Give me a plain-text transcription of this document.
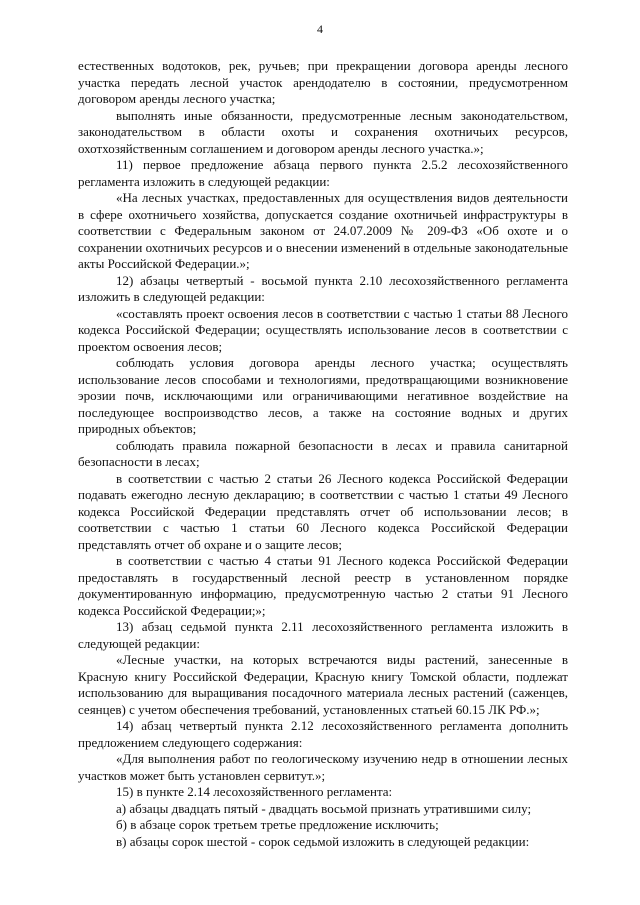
4

естественных водотоков, рек, ручьев; при прекращении договора аренды лесного участка передать лесной участок арендодателю в состоянии, предусмотренном договором аренды лесного участка;

выполнять иные обязанности, предусмотренные лесным законодательством, законодательством в области охоты и сохранения охотничьих ресурсов, охотхозяйственным соглашением и договором аренды лесного участка.»;

11) первое предложение абзаца первого пункта 2.5.2 лесохозяйственного регламента изложить в следующей редакции:

«На лесных участках, предоставленных для осуществления видов деятельности в сфере охотничьего хозяйства, допускается создание охотничьей инфраструктуры в соответствии с Федеральным законом от 24.07.2009 № 209-ФЗ «Об охоте и о сохранении охотничьих ресурсов и о внесении изменений в отдельные законодательные акты Российской Федерации.»;

12) абзацы четвертый - восьмой пункта 2.10 лесохозяйственного регламента изложить в следующей редакции:

«составлять проект освоения лесов в соответствии с частью 1 статьи 88 Лесного кодекса Российской Федерации; осуществлять использование лесов в соответствии с проектом освоения лесов;

соблюдать условия договора аренды лесного участка; осуществлять использование лесов способами и технологиями, предотвращающими возникновение эрозии почв, исключающими или ограничивающими негативное воздействие на последующее воспроизводство лесов, а также на состояние водных и других природных объектов;

соблюдать правила пожарной безопасности в лесах и правила санитарной безопасности в лесах;

в соответствии с частью 2 статьи 26 Лесного кодекса Российской Федерации подавать ежегодно лесную декларацию; в соответствии с частью 1 статьи 49 Лесного кодекса Российской Федерации представлять отчет об использовании лесов; в соответствии с частью 1 статьи 60 Лесного кодекса Российской Федерации представлять отчет об охране и о защите лесов;

в соответствии с частью 4 статьи 91 Лесного кодекса Российской Федерации предоставлять в государственный лесной реестр в установленном порядке документированную информацию, предусмотренную частью 2 статьи 91 Лесного кодекса Российской Федерации;»;

13) абзац седьмой пункта 2.11 лесохозяйственного регламента изложить в следующей редакции:

«Лесные участки, на которых встречаются виды растений, занесенные в Красную книгу Российской Федерации, Красную книгу Томской области, подлежат использованию для выращивания посадочного материала лесных растений (саженцев, сеянцев) с учетом обеспечения требований, установленных статьей 60.15 ЛК РФ.»;

14) абзац четвертый пункта 2.12 лесохозяйственного регламента дополнить предложением следующего содержания:

«Для выполнения работ по геологическому изучению недр в отношении лесных участков может быть установлен сервитут.»;

15) в пункте 2.14 лесохозяйственного регламента:

а) абзацы двадцать пятый - двадцать восьмой признать утратившими силу;

б) в абзаце сорок третьем третье предложение исключить;

в) абзацы сорок шестой - сорок седьмой изложить в следующей редакции:
